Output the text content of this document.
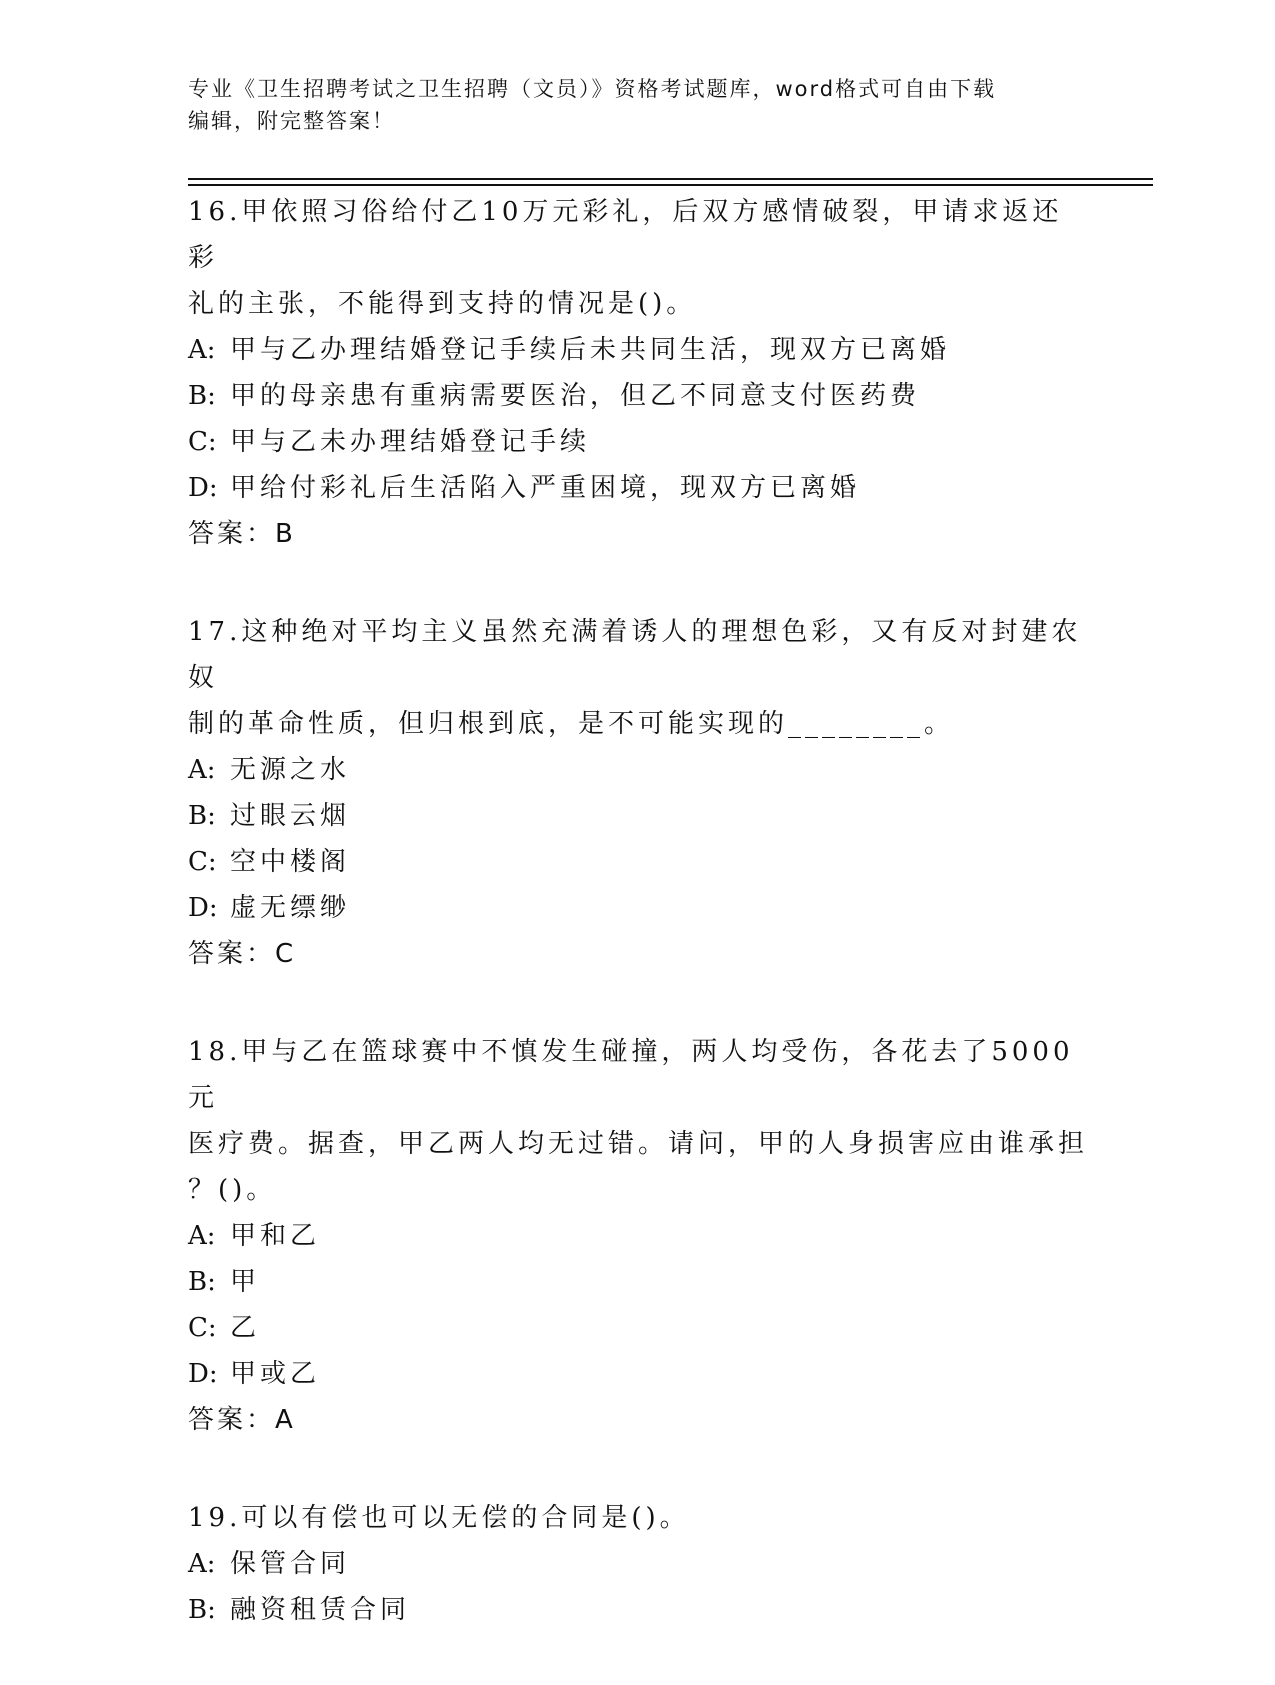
专业《卫生招聘考试之卫生招聘（文员）》资格考试题库，word格式可自由下载
编辑，附完整答案！

16.甲依照习俗给付乙10万元彩礼，后双方感情破裂，甲请求返还彩

礼的主张，不能得到支持的情况是()。

A: 甲与乙办理结婚登记手续后未共同生活，现双方已离婚
B: 甲的母亲患有重病需要医治，但乙不同意支付医药费
C: 甲与乙未办理结婚登记手续
D: 甲给付彩礼后生活陷入严重困境，现双方已离婚
答案：B

17.这种绝对平均主义虽然充满着诱人的理想色彩，又有反对封建农奴

制的革命性质，但归根到底，是不可能实现的________。

A: 无源之水
B: 过眼云烟
C: 空中楼阁
D: 虚无缥缈
答案：C

18.甲与乙在篮球赛中不慎发生碰撞，两人均受伤，各花去了5000元

医疗费。据查，甲乙两人均无过错。请问，甲的人身损害应由谁承担

？()。

A: 甲和乙
B: 甲
C: 乙
D: 甲或乙
答案：A

19.可以有偿也可以无偿的合同是()。

A: 保管合同
B: 融资租赁合同
